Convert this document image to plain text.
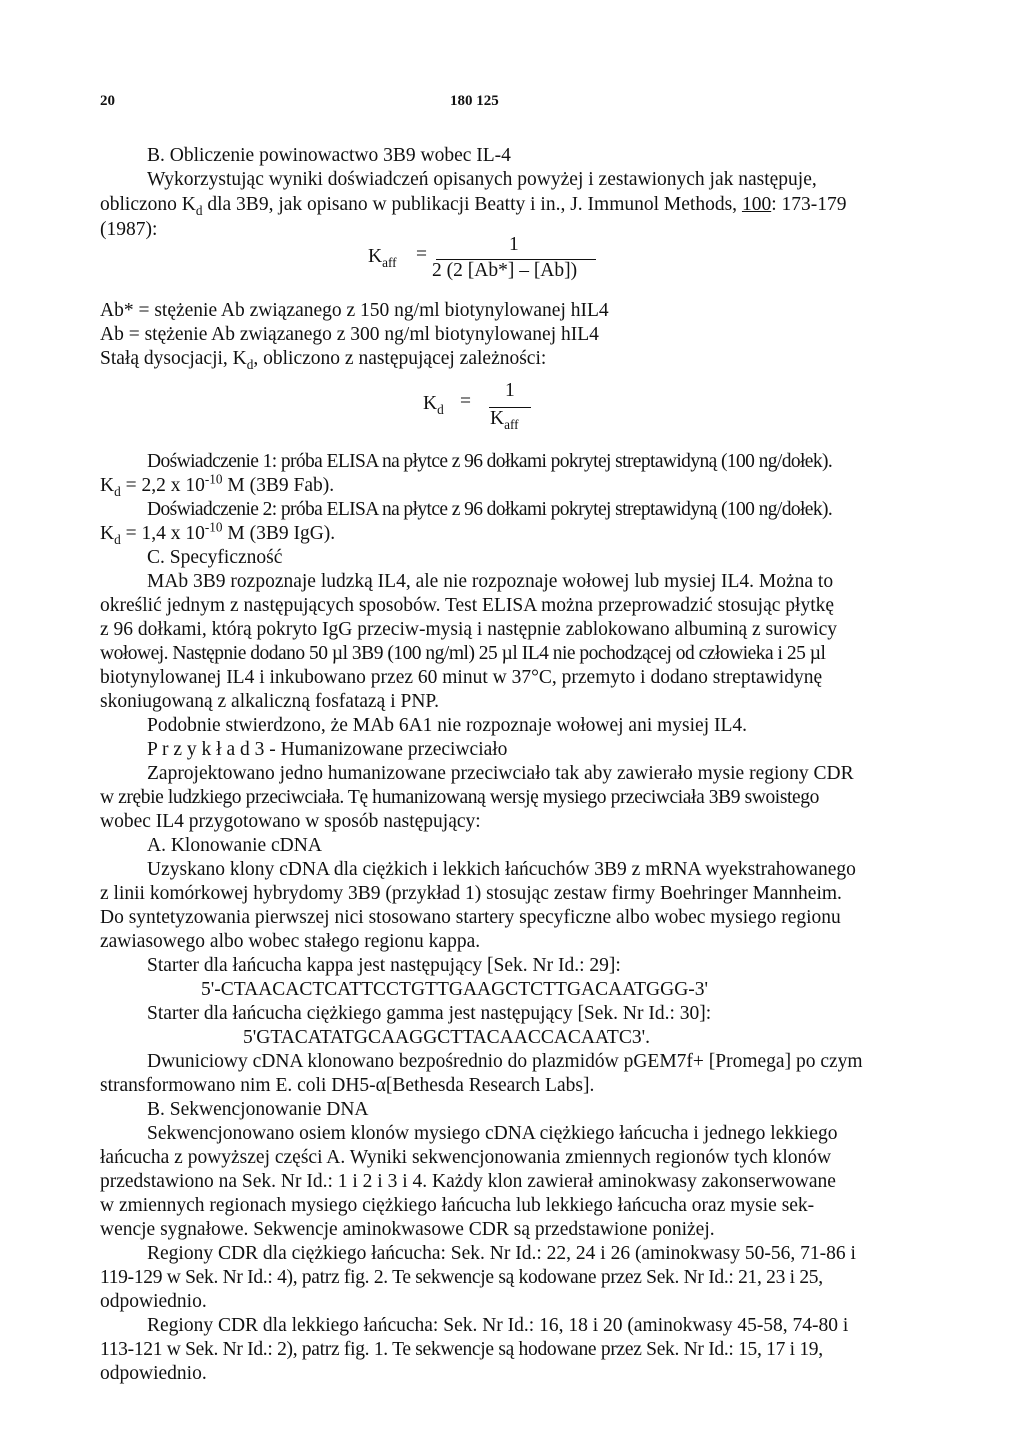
20	180 125
B. Obliczenie powinowactwo 3B9 wobec IL-4
Wykorzystując wyniki doświadczeń opisanych powyżej i zestawionych jak następuje,
obliczono $K_d$ dla 3B9, jak opisano w publikacji Beatty i in., J. Immunol Methods, 100: 173-179
(1987):
$K_{aff}$ =	1
2 (2 [Ab*] – [Ab])
Ab* = stężenie Ab związanego z 150 ng/ml biotynylowanej hIL4
Ab = stężenie Ab związanego z 300 ng/ml biotynylowanej hIL4
Stałą dysocjacji, $K_d$, obliczono z następującej zależności:
$K_d$ =
1
$K_{aff}$
Doświadczenie 1: próba ELISA na płytce z 96 dołkami pokrytej streptawidyną (100 ng/dołek).
$K_d = 2,2$ x $10^{-10}$ M (3B9 Fab).
Doświadczenie 2: próba ELISA na płytce z 96 dołkami pokrytej streptawidyną (100 ng/dołek).
$K_d = 1,4$ x $10^{-10}$ M (3B9 IgG).
C. Specyficzność
MAb 3B9 rozpoznaje ludzką IL4, ale nie rozpoznaje wołowej lub mysiej IL4. Można to
określić jednym z następujących sposobów. Test ELISA można przeprowadzić stosując płytkę
z 96 dołkami, którą pokryto IgG przeciw-mysią i następnie zablokowano albuminą z surowicy
wołowej. Następnie dodano 50 µl 3B9 (100 ng/ml) 25 µl IL4 nie pochodzącej od człowieka i 25 µl
biotynylowanej IL4 i inkubowano przez 60 minut w 37°C, przemyto i dodano streptawidynę
skoniugowaną z alkaliczną fosfatazą i PNP.
Podobnie stwierdzono, że MAb 6A1 nie rozpoznaje wołowej ani mysiej IL4.
P r z y k ł a d 3 - Humanizowane przeciwciało
Zaprojektowano jedno humanizowane przeciwciało tak aby zawierało mysie regiony CDR
w zrębie ludzkiego przeciwciała. Tę humanizowaną wersję mysiego przeciwciała 3B9 swoistego
wobec IL4 przygotowano w sposób następujący:
A. Klonowanie cDNA
Uzyskano klony cDNA dla ciężkich i lekkich łańcuchów 3B9 z mRNA wyekstrahowanego
z linii komórkowej hybrydomy 3B9 (przykład 1) stosując zestaw firmy Boehringer Mannheim.
Do syntetyzowania pierwszej nici stosowano startery specyficzne albo wobec mysiego regionu
zawiasowego albo wobec stałego regionu kappa.
Starter dla łańcucha kappa jest następujący [Sek. Nr Id.: 29]:
5'-CTAACACTCATTCCTGTTGAAGCTCTTGACAATGGG-3'
Starter dla łańcucha ciężkiego gamma jest następujący [Sek. Nr Id.: 30]:
5'GTACATATGCAAGGCTTACAACCACAATC3'.
Dwuniciowy cDNA klonowano bezpośrednio do plazmidów pGEM7f+ [Promega] po czym
stransformowano nim E. coli DH5-α[Bethesda Research Labs].
B. Sekwencjonowanie DNA
Sekwencjonowano osiem klonów mysiego cDNA ciężkiego łańcucha i jednego lekkiego
łańcucha z powyższej części A. Wyniki sekwencjonowania zmiennych regionów tych klonów
przedstawiono na Sek. Nr Id.: 1 i 2 i 3 i 4. Każdy klon zawierał aminokwasy zakonserwowane
w zmiennych regionach mysiego ciężkiego łańcucha lub lekkiego łańcucha oraz mysie sek-
wencje sygnałowe. Sekwencje aminokwasowe CDR są przedstawione poniżej.
Regiony CDR dla ciężkiego łańcucha: Sek. Nr Id.: 22, 24 i 26 (aminokwasy 50-56, 71-86 i
119-129 w Sek. Nr Id.: 4), patrz fig. 2. Te sekwencje są kodowane przez Sek. Nr Id.: 21, 23 i 25,
odpowiednio.
Regiony CDR dla lekkiego łańcucha: Sek. Nr Id.: 16, 18 i 20 (aminokwasy 45-58, 74-80 i
113-121 w Sek. Nr Id.: 2), patrz fig. 1. Te sekwencje są hodowane przez Sek. Nr Id.: 15, 17 i 19,
odpowiednio.
